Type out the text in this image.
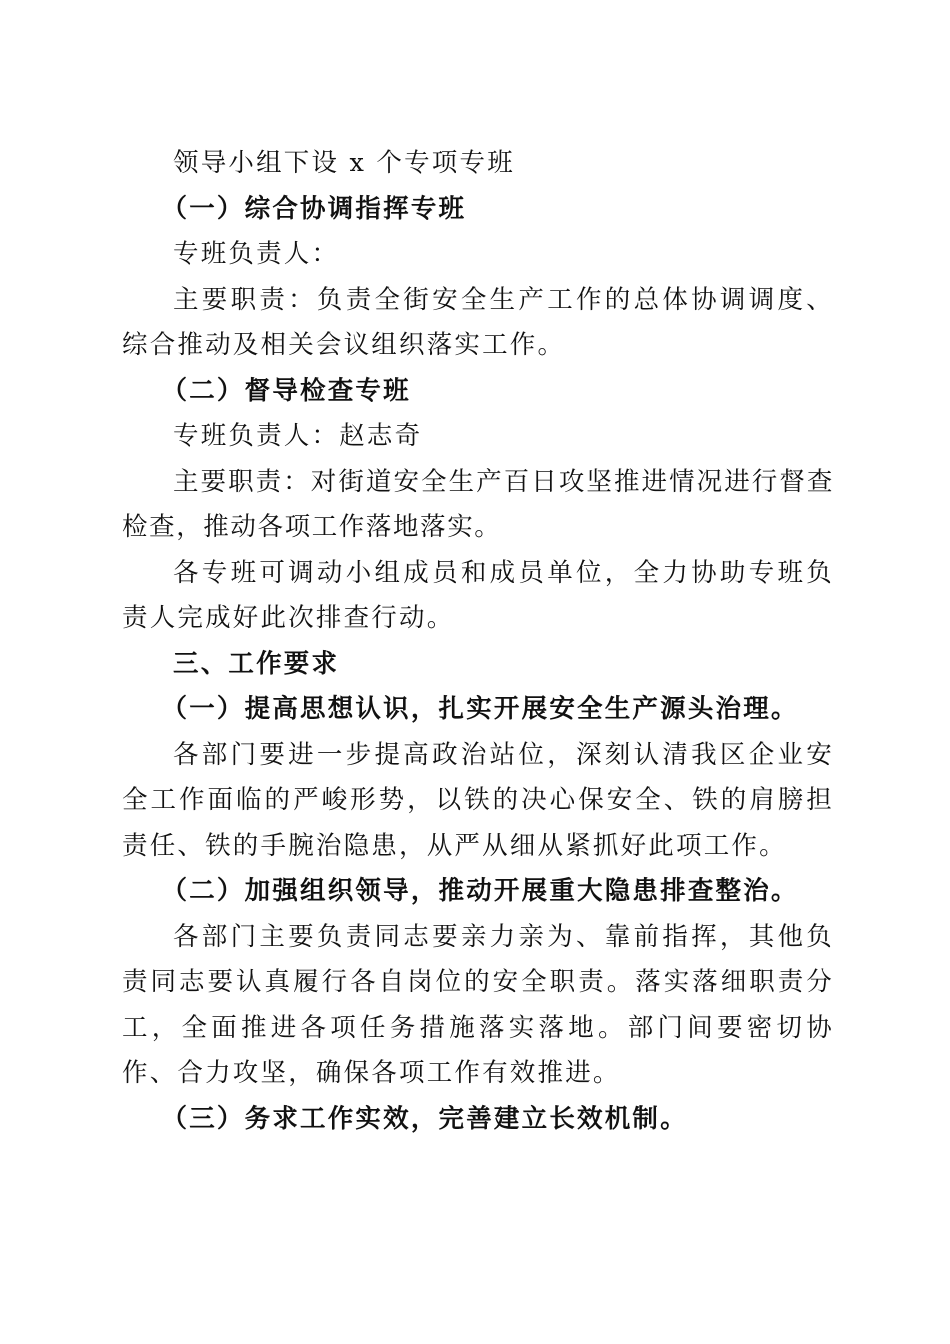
领导小组下设 x 个专项专班

（一）综合协调指挥专班

专班负责人：

主要职责：负责全街安全生产工作的总体协调调度、综合推动及相关会议组织落实工作。

（二）督导检查专班

专班负责人：赵志奇

主要职责：对街道安全生产百日攻坚推进情况进行督查检查，推动各项工作落地落实。

各专班可调动小组成员和成员单位，全力协助专班负责人完成好此次排查行动。

三、工作要求

（一）提高思想认识，扎实开展安全生产源头治理。

各部门要进一步提高政治站位，深刻认清我区企业安全工作面临的严峻形势，以铁的决心保安全、铁的肩膀担责任、铁的手腕治隐患，从严从细从紧抓好此项工作。

（二）加强组织领导，推动开展重大隐患排查整治。

各部门主要负责同志要亲力亲为、靠前指挥，其他负责同志要认真履行各自岗位的安全职责。落实落细职责分工，全面推进各项任务措施落实落地。部门间要密切协作、合力攻坚，确保各项工作有效推进。

（三）务求工作实效，完善建立长效机制。
